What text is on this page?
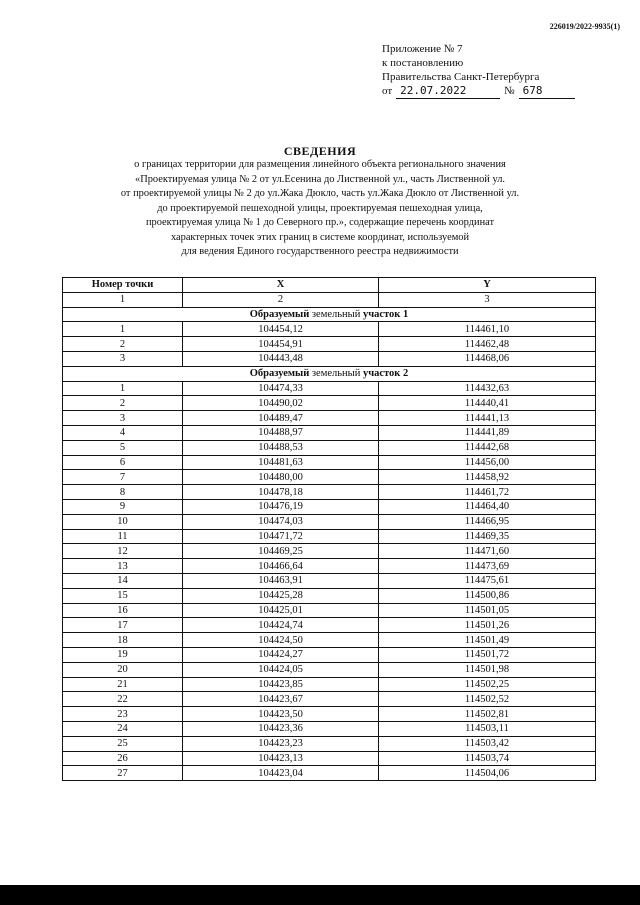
226019/2022-9935(1)
Приложение № 7
к постановлению
Правительства Санкт-Петербурга
от 22.07.2022	№ 678
СВЕДЕНИЯ
о границах территории для размещения линейного объекта регионального значения
«Проектируемая улица № 2 от ул.Есенина до Лиственной ул., часть Лиственной ул.
от проектируемой улицы № 2 до ул.Жака Дюкло, часть ул.Жака Дюкло от Лиственной ул.
до проектируемой пешеходной улицы, проектируемая пешеходная улица,
проектируемая улица № 1 до Северного пр.», содержащие перечень координат
характерных точек этих границ в системе координат, используемой
для ведения Единого государственного реестра недвижимости
Номер точки	X	Y
1	2	3
Образуемый земельный участок 1		
1	104454,12	114461,10
2	104454,91	114462,48
3	104443,48	114468,06
Образуемый земельный участок 2		
1	104474,33	114432,63
2	104490,02	114440,41
3	104489,47	114441,13
4	104488,97	114441,89
5	104488,53	114442,68
6	104481,63	114456,00
7	104480,00	114458,92
8	104478,18	114461,72
9	104476,19	114464,40
10	104474,03	114466,95
11	104471,72	114469,35
12	104469,25	114471,60
13	104466,64	114473,69
14	104463,91	114475,61
15	104425,28	114500,86
16	104425,01	114501,05
17	104424,74	114501,26
18	104424,50	114501,49
19	104424,27	114501,72
20	104424,05	114501,98
21	104423,85	114502,25
22	104423,67	114502,52
23	104423,50	114502,81
24	104423,36	114503,11
25	104423,23	114503,42
26	104423,13	114503,74
27	104423,04	114504,06
